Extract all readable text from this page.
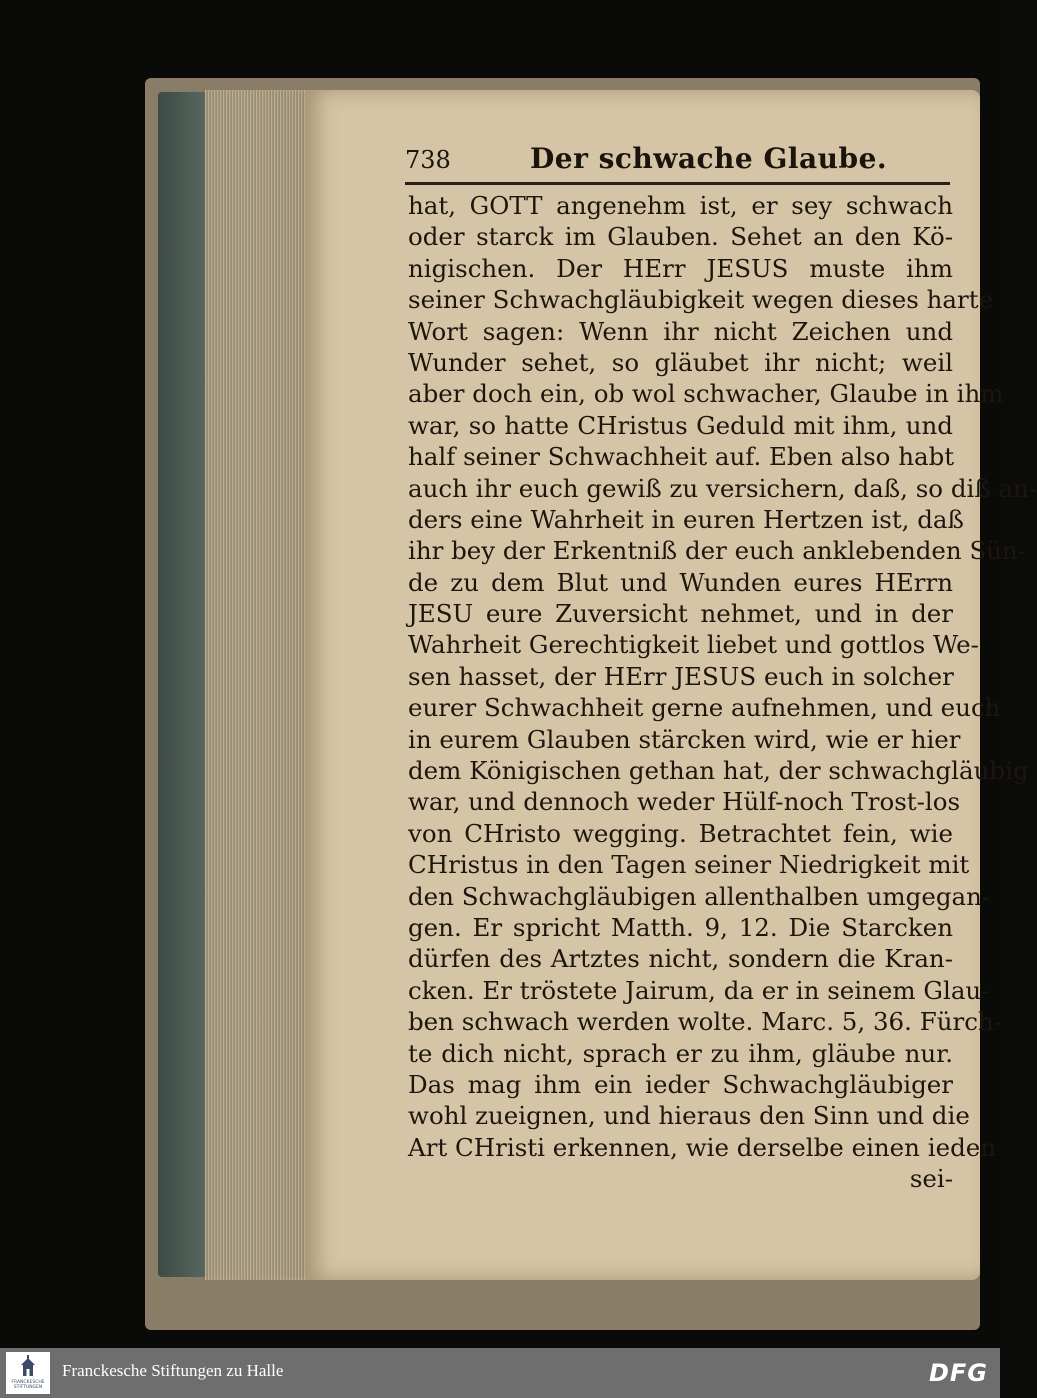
738	Der schwache Glaube.
hat, GOTT angenehm ist, er sey schwach
oder starck im Glauben. Sehet an den Kö-
nigischen. Der HErr JESUS muste ihm
seiner Schwachgläubigkeit wegen dieses harte
Wort sagen: Wenn ihr nicht Zeichen und
Wunder sehet, so gläubet ihr nicht; weil
aber doch ein, ob wol schwacher, Glaube in ihm
war, so hatte CHristus Geduld mit ihm, und
half seiner Schwachheit auf. Eben also habt
auch ihr euch gewiß zu versichern, daß, so diß an-
ders eine Wahrheit in euren Hertzen ist, daß
ihr bey der Erkentniß der euch anklebenden Sün-
de zu dem Blut und Wunden eures HErrn
JESU eure Zuversicht nehmet, und in der
Wahrheit Gerechtigkeit liebet und gottlos We-
sen hasset, der HErr JESUS euch in solcher
eurer Schwachheit gerne aufnehmen, und euch
in eurem Glauben stärcken wird, wie er hier
dem Königischen gethan hat, der schwachgläubig
war, und dennoch weder Hülf-noch Trost-los
von CHristo wegging. Betrachtet fein, wie
CHristus in den Tagen seiner Niedrigkeit mit
den Schwachgläubigen allenthalben umgegan-
gen. Er spricht Matth. 9, 12. Die Starcken
dürfen des Artztes nicht, sondern die Kran-
cken. Er tröstete Jairum, da er in seinem Glau-
ben schwach werden wolte. Marc. 5, 36. Fürch-
te dich nicht, sprach er zu ihm, gläube nur.
Das mag ihm ein ieder Schwachgläubiger
wohl zueignen, und hieraus den Sinn und die
Art CHristi erkennen, wie derselbe einen ieden
sei-
FRANCKESCHE STIFTUNGEN
Franckesche Stiftungen zu Halle	DFG
